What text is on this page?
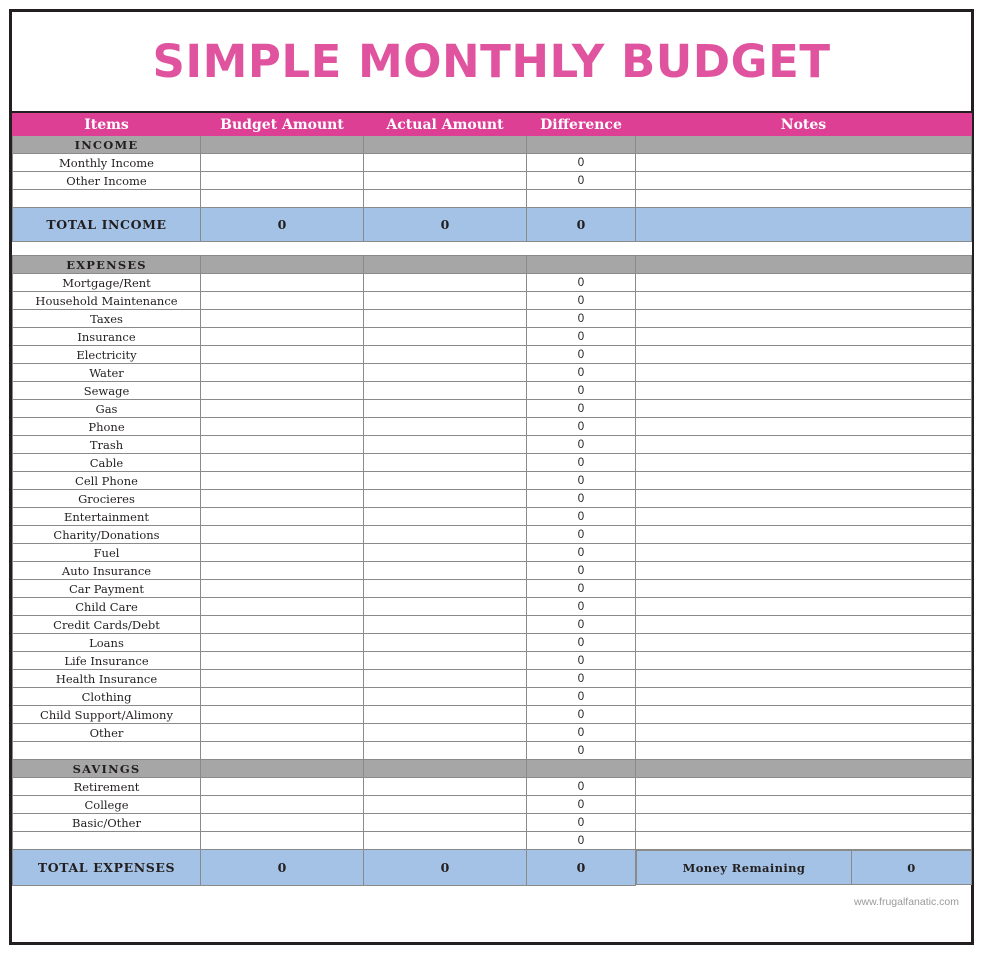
SIMPLE MONTHLY BUDGET
Items	Budget Amount	Actual Amount	Difference	Notes
INCOME				
Monthly Income			0	
Other Income			0	

TOTAL INCOME	0	0	0	

EXPENSES				
Mortgage/Rent			0	
Household Maintenance			0	
Taxes			0	
Insurance			0	
Electricity			0	
Water			0	
Sewage			0	
Gas			0	
Phone			0	
Trash			0	
Cable			0	
Cell Phone			0	
Grocieres			0	
Entertainment			0	
Charity/Donations			0	
Fuel			0	
Auto Insurance			0	
Car Payment			0	
Child Care			0	
Credit Cards/Debt			0	
Loans			0	
Life Insurance			0	
Health Insurance			0	
Clothing			0	
Child Support/Alimony			0	
Other			0	
			0	
SAVINGS				
Retirement			0	
College			0	
Basic/Other			0	
			0	
TOTAL EXPENSES	0	0	0		Money Remaining	0
www.frugalfanatic.com
